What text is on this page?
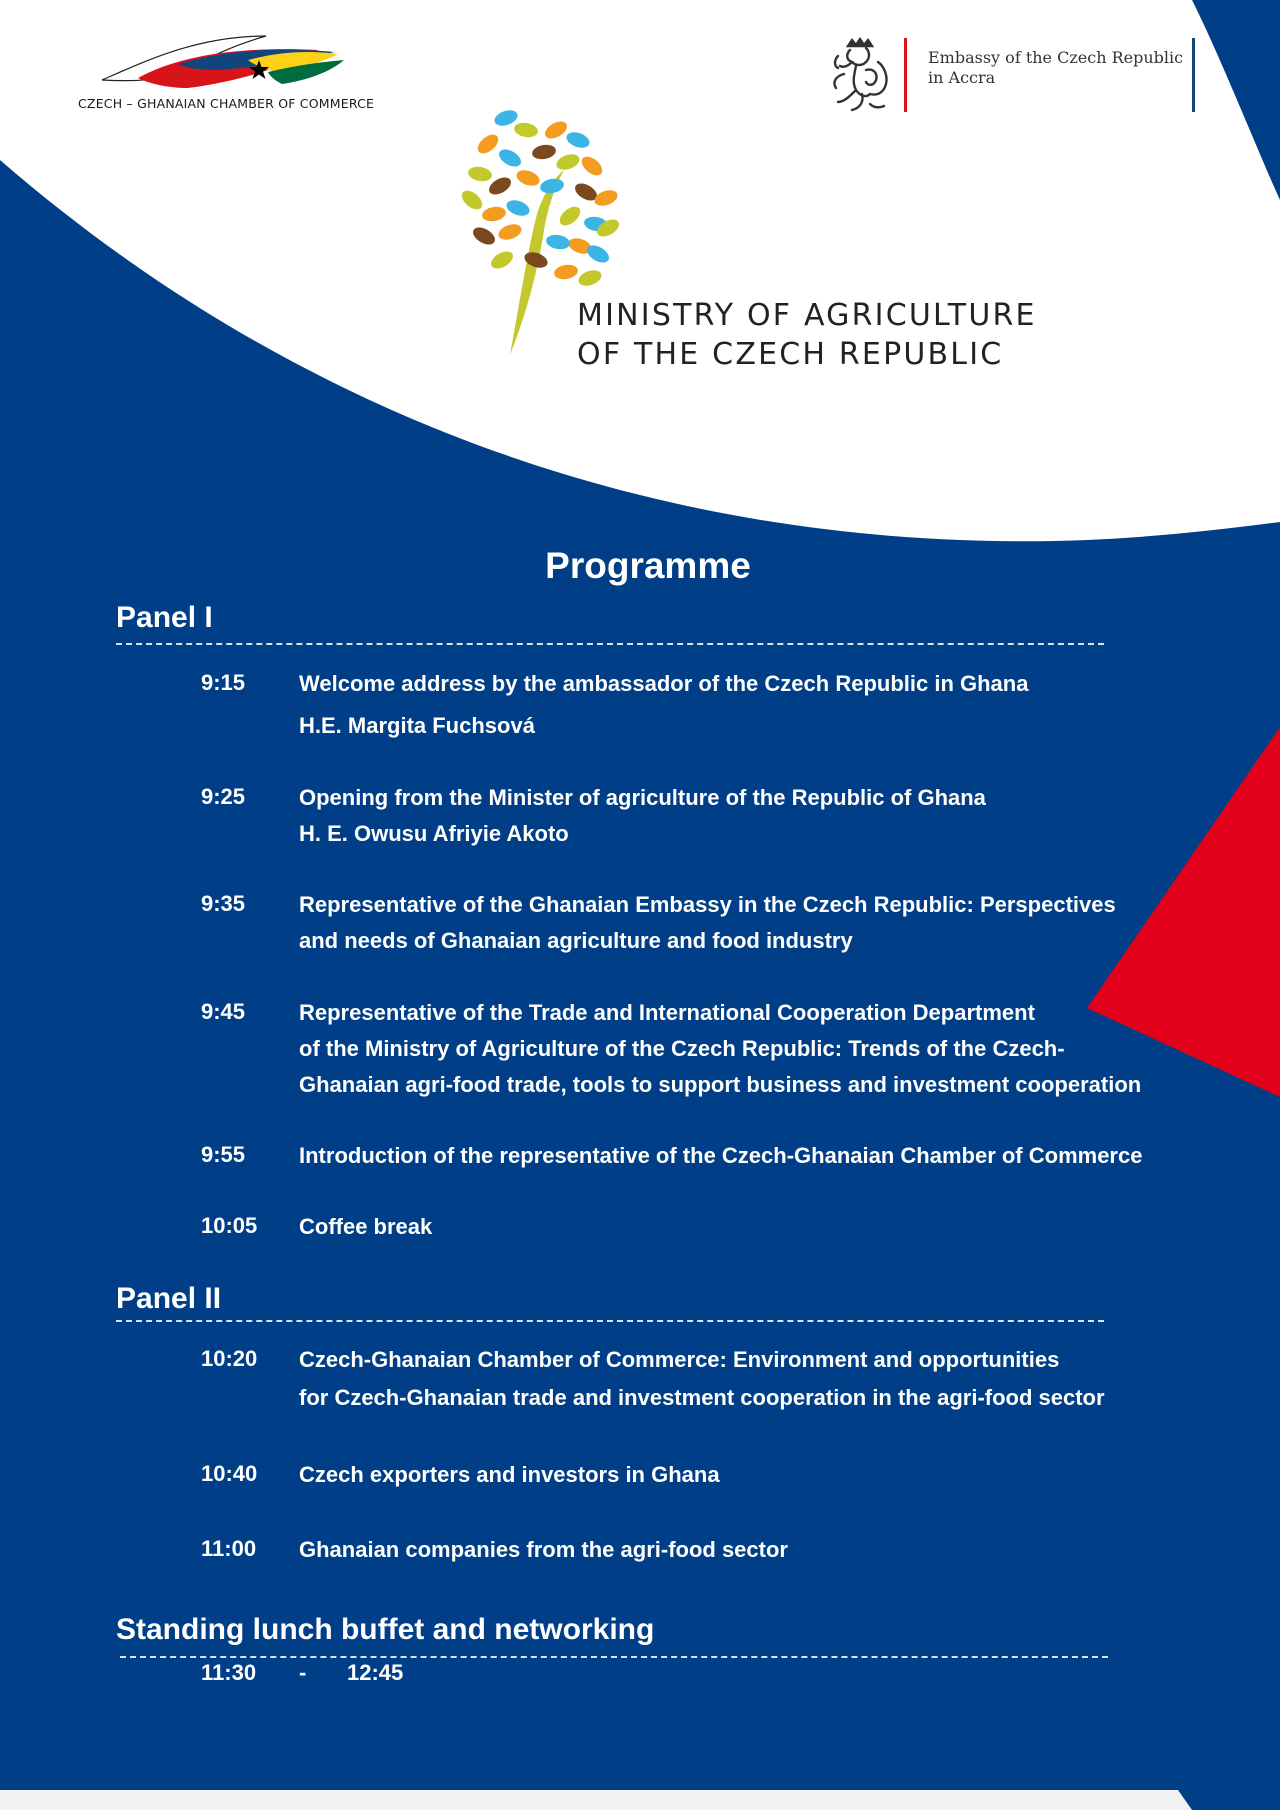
CZECH – GHANAIAN CHAMBER OF COMMERCE
Embassy of the Czech Republic
in Accra
MINISTRY OF AGRICULTURE
OF THE CZECH REPUBLIC
Programme
Panel I
9:15 Welcome address by the ambassador of the Czech Republic in Ghana
H.E. Margita Fuchsová
9:25 Opening from the Minister of agriculture of the Republic of Ghana
H. E. Owusu Afriyie Akoto
9:35 Representative of the Ghanaian Embassy in the Czech Republic: Perspectives
and needs of Ghanaian agriculture and food industry
9:45 Representative of the Trade and International Cooperation Department
of the Ministry of Agriculture of the Czech Republic: Trends of the Czech-
Ghanaian agri-food trade, tools to support business and investment cooperation
9:55 Introduction of the representative of the Czech-Ghanaian Chamber of Commerce
10:05 Coffee break
Panel II
10:20 Czech-Ghanaian Chamber of Commerce: Environment and opportunities
for Czech-Ghanaian trade and investment cooperation in the agri-food sector
10:40 Czech exporters and investors in Ghana
11:00 Ghanaian companies from the agri-food sector
Standing lunch buffet and networking
11:30 - 12:45
